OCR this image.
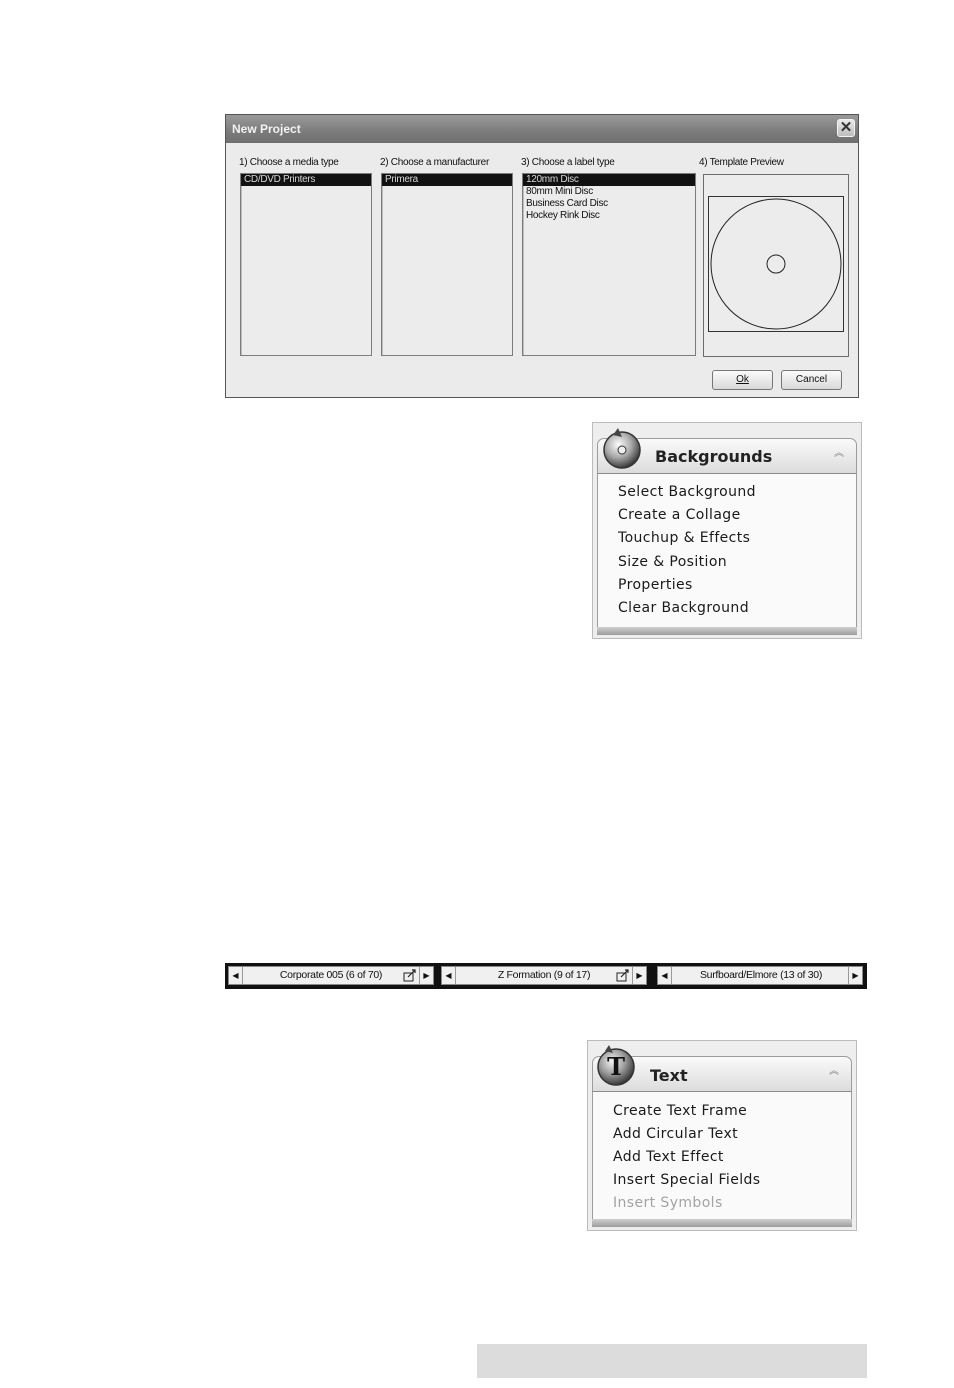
New Project	✕
1) Choose a media type	2) Choose a manufacturer	3) Choose a label type	4) Template Preview
CD/DVD Printers	Primera	120mm Disc
80mm Mini Disc
Business Card Disc
Hockey Rink Disc
Ok	Cancel
Backgrounds	︽
Select Background
Create a Collage
Touchup & Effects
Size & Position
Properties
Clear Background
◀	Corporate 005 (6 of 70)	▶	◀	Z Formation (9 of 17)	▶	◀	Surfboard/Elmore (13 of 30)	▶
Text	︽
T
Create Text Frame
Add Circular Text
Add Text Effect
Insert Special Fields
Insert Symbols
